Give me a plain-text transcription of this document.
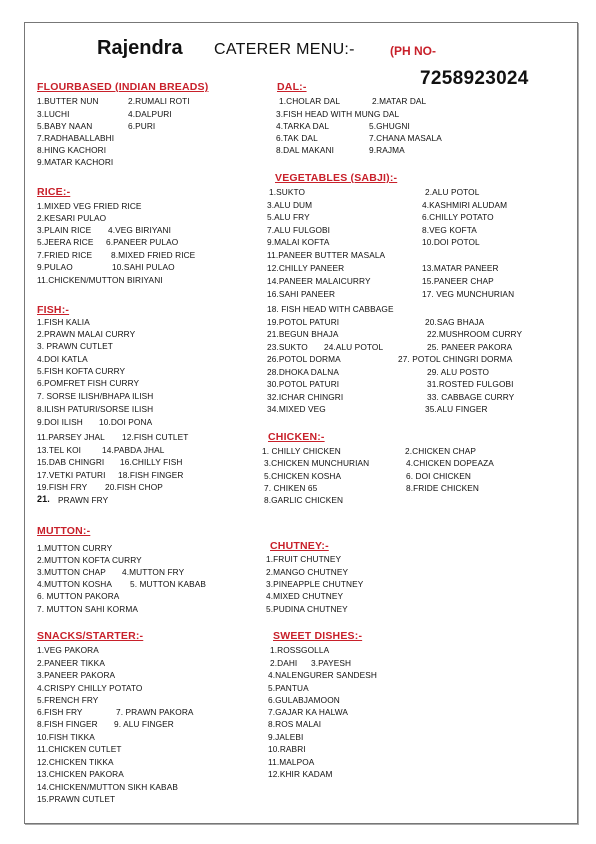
Rajendra CATERER MENU:-	(PH NO-
7258923024
FLOURBASED (INDIAN BREADS)
1.BUTTER NUN	2.RUMALI ROTI
3.LUCHI	4.DALPURI
5.BABY NAAN	6.PURI
7.RADHABALLABHI
8.HING KACHORI
9.MATAR KACHORI
DAL:-
1.CHOLAR DAL	2.MATAR DAL
3.FISH HEAD WITH MUNG DAL
4.TARKA DAL	5.GHUGNI
6.TAK DAL	7.CHANA MASALA
8.DAL MAKANI	9.RAJMA
RICE:-
1.MIXED VEG FRIED RICE
2.KESARI PULAO
3.PLAIN RICE 4.VEG BIRIYANI
5.JEERA RICE 6.PANEER PULAO
7.FRIED RICE 8.MIXED FRIED RICE
9.PULAO	10.SAHI PULAO
11.CHICKEN/MUTTON BIRIYANI
VEGETABLES (SABJI):-
1.SUKTO	2.ALU POTOL
3.ALU DUM	4.KASHMIRI ALUDAM
5.ALU FRY	6.CHILLY POTATO
7.ALU FULGOBI	8.VEG KOFTA
9.MALAI KOFTA	10.DOI POTOL
11.PANEER BUTTER MASALA
12.CHILLY PANEER	13.MATAR PANEER
14.PANEER MALAICURRY	15.PANEER CHAP
16.SAHI PANEER	17. VEG MUNCHURIAN
18. FISH HEAD WITH CABBAGE
19.POTOL PATURI	20.SAG BHAJA
21.BEGUN BHAJA	22.MUSHROOM CURRY
23.SUKTO 24.ALU POTOL	25. PANEER PAKORA
26.POTOL DORMA	27. POTOL CHINGRI DORMA
28.DHOKA DALNA	29. ALU POSTO
30.POTOL PATURI	31.ROSTED FULGOBI
32.ICHAR CHINGRI	33. CABBAGE CURRY
34.MIXED VEG	35.ALU FINGER
FISH:-
1.FISH KALIA
2.PRAWN MALAI CURRY
3. PRAWN CUTLET
4.DOI KATLA
5.FISH KOFTA CURRY
6.POMFRET FISH CURRY
7. SORSE ILISH/BHAPA ILISH
8.ILISH PATURI/SORSE ILISH
9.DOI ILISH 10.DOI PONA
11.PARSEY JHAL 12.FISH CUTLET
13.TEL KOI	14.PABDA JHAL
15.DAB CHINGRI 16.CHILLY FISH
17.VETKI PATURI 18.FISH FINGER
19.FISH FRY 20.FISH CHOP
21. PRAWN FRY
CHICKEN:-
1. CHILLY CHICKEN	2.CHICKEN CHAP
3.CHICKEN MUNCHURIAN	4.CHICKEN DOPEAZA
5.CHICKEN KOSHA	6. DOI CHICKEN
7. CHIKEN 65	8.FRIDE CHICKEN
8.GARLIC CHICKEN
MUTTON:-
1.MUTTON CURRY
2.MUTTON KOFTA CURRY
3.MUTTON CHAP 4.MUTTON FRY
4.MUTTON KOSHA 5. MUTTON KABAB
6. MUTTON PAKORA
7. MUTTON SAHI KORMA
CHUTNEY:-
1.FRUIT CHUTNEY
2.MANGO CHUTNEY
3.PINEAPPLE CHUTNEY
4.MIXED CHUTNEY
5.PUDINA CHUTNEY
SNACKS/STARTER:-
1.VEG PAKORA
2.PANEER TIKKA
3.PANEER PAKORA
4.CRISPY CHILLY POTATO
5.FRENCH FRY
6.FISH FRY	7. PRAWN PAKORA
8.FISH FINGER 9. ALU FINGER
10.FISH TIKKA
11.CHICKEN CUTLET
12.CHICKEN TIKKA
13.CHICKEN PAKORA
14.CHICKEN/MUTTON SIKH KABAB
15.PRAWN CUTLET
SWEET DISHES:-
1.ROSSGOLLA
2.DAHI 3.PAYESH
4.NALENGURER SANDESH
5.PANTUA
6.GULABJAMOON
7.GAJAR KA HALWA
8.ROS MALAI
9.JALEBI
10.RABRI
11.MALPOA
12.KHIR KADAM
